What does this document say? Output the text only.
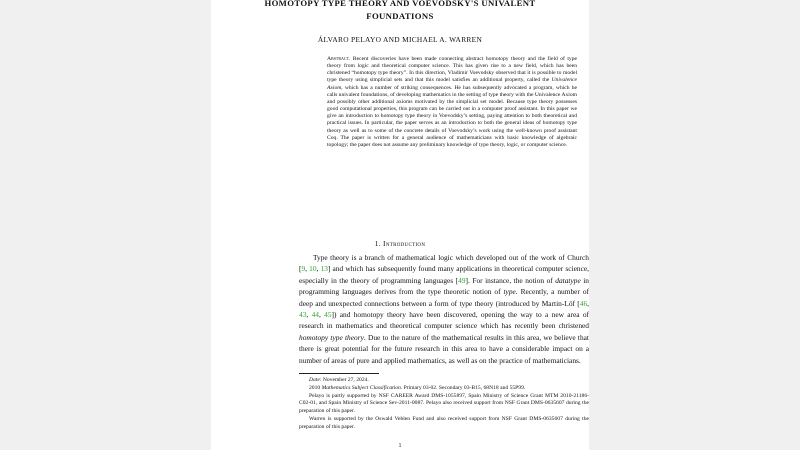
HOMOTOPY TYPE THEORY AND VOEVODSKY'S UNIVALENT
FOUNDATIONS
ÁLVARO PELAYO AND MICHAEL A. WARREN
Abstract. Recent discoveries have been made connecting abstract homotopy theory and the field of type theory from logic and theoretical computer science. This has given rise to a new field, which has been christened “homotopy type theory”. In this direction, Vladimir Voevodsky observed that it is possible to model type theory using simplicial sets and that this model satisfies an additional property, called the Univalence Axiom, which has a number of striking consequences. He has subsequently advocated a program, which he calls univalent foundations, of developing mathematics in the setting of type theory with the Univalence Axiom and possibly other additional axioms motivated by the simplicial set model. Because type theory possesses good computational properties, this program can be carried out in a computer proof assistant. In this paper we give an introduction to homotopy type theory in Voevodsky’s setting, paying attention to both theoretical and practical issues. In particular, the paper serves as an introduction to both the general ideas of homotopy type theory as well as to some of the concrete details of Voevodsky’s work using the well-known proof assistant Coq. The paper is written for a general audience of mathematicians with basic knowledge of algebraic topology; the paper does not assume any preliminary knowledge of type theory, logic, or computer science.
1. Introduction

Type theory is a branch of mathematical logic which developed out of the work of Church [9, 10, 13] and which has subsequently found many applications in theoretical computer science, especially in the theory of programming languages [49]. For instance, the notion of datatype in programming languages derives from the type theoretic notion of type. Recently, a number of deep and unexpected connections between a form of type theory (introduced by Martin-Löf [46, 43, 44, 45]) and homotopy theory have been discovered, opening the way to a new area of research in mathematics and theoretical computer science which has recently been christened homotopy type theory. Due to the nature of the mathematical results in this area, we believe that there is great potential for the future research in this area to have a considerable impact on a number of areas of pure and applied mathematics, as well as on the practice of mathematicians.

Date: November 27, 2024.

2010 Mathematics Subject Classification. Primary 03-02. Secondary 03-B15, 68N18 and 55P99.

Pelayo is partly supported by NSF CAREER Award DMS-1055897, Spain Ministry of Science Grant MTM 2010-21186-C02-01, and Spain Ministry of Science Sev-2011-0087. Pelayo also received support from NSF Grant DMS-0635607 during the preparation of this paper.

Warren is supported by the Oswald Veblen Fund and also received support from NSF Grant DMS-0635607 during the preparation of this paper.

1
